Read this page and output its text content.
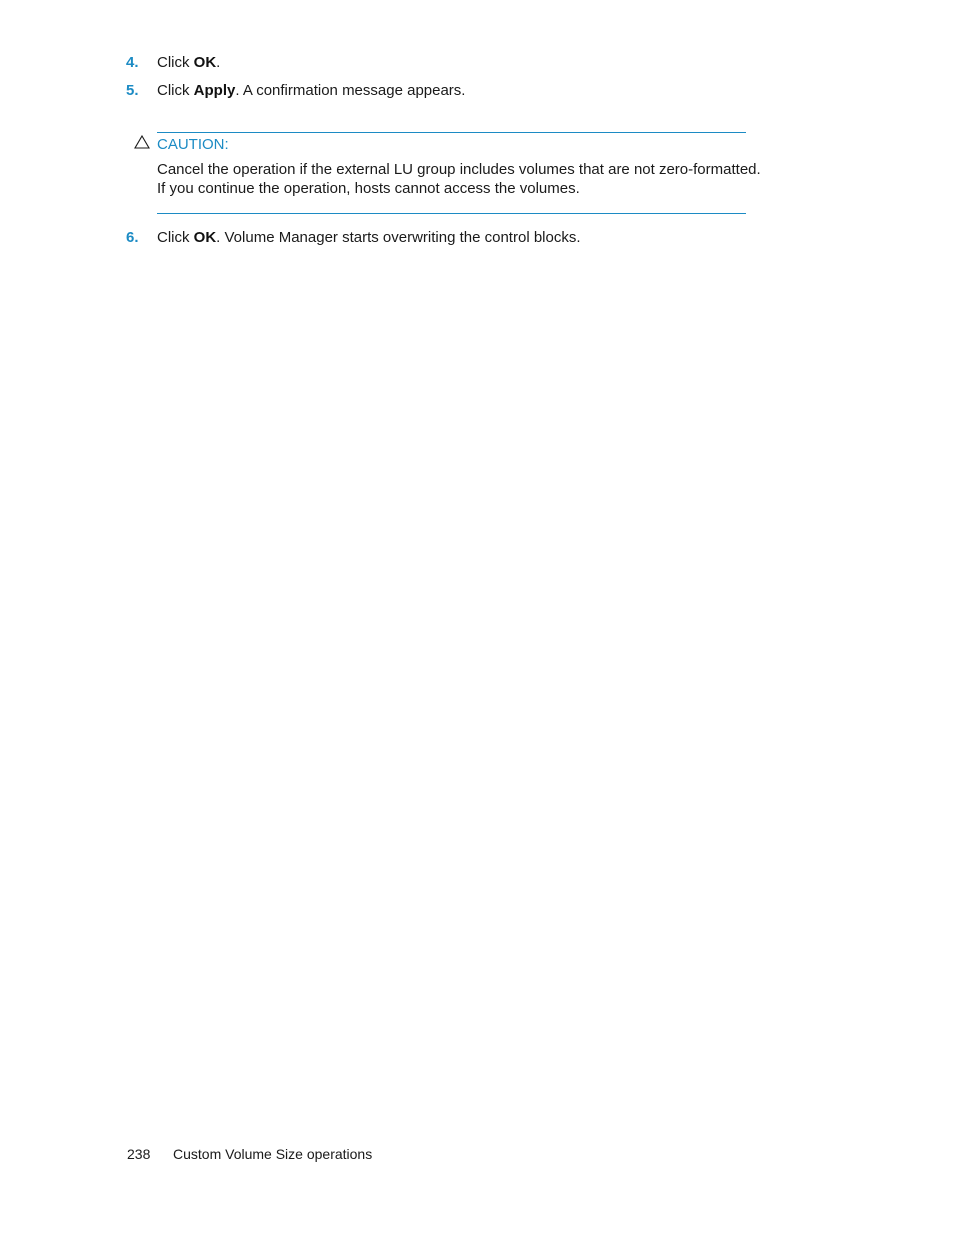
4. Click OK.
5. Click Apply. A confirmation message appears.
CAUTION:
Cancel the operation if the external LU group includes volumes that are not zero-formatted.
If you continue the operation, hosts cannot access the volumes.
6. Click OK. Volume Manager starts overwriting the control blocks.
238 Custom Volume Size operations
